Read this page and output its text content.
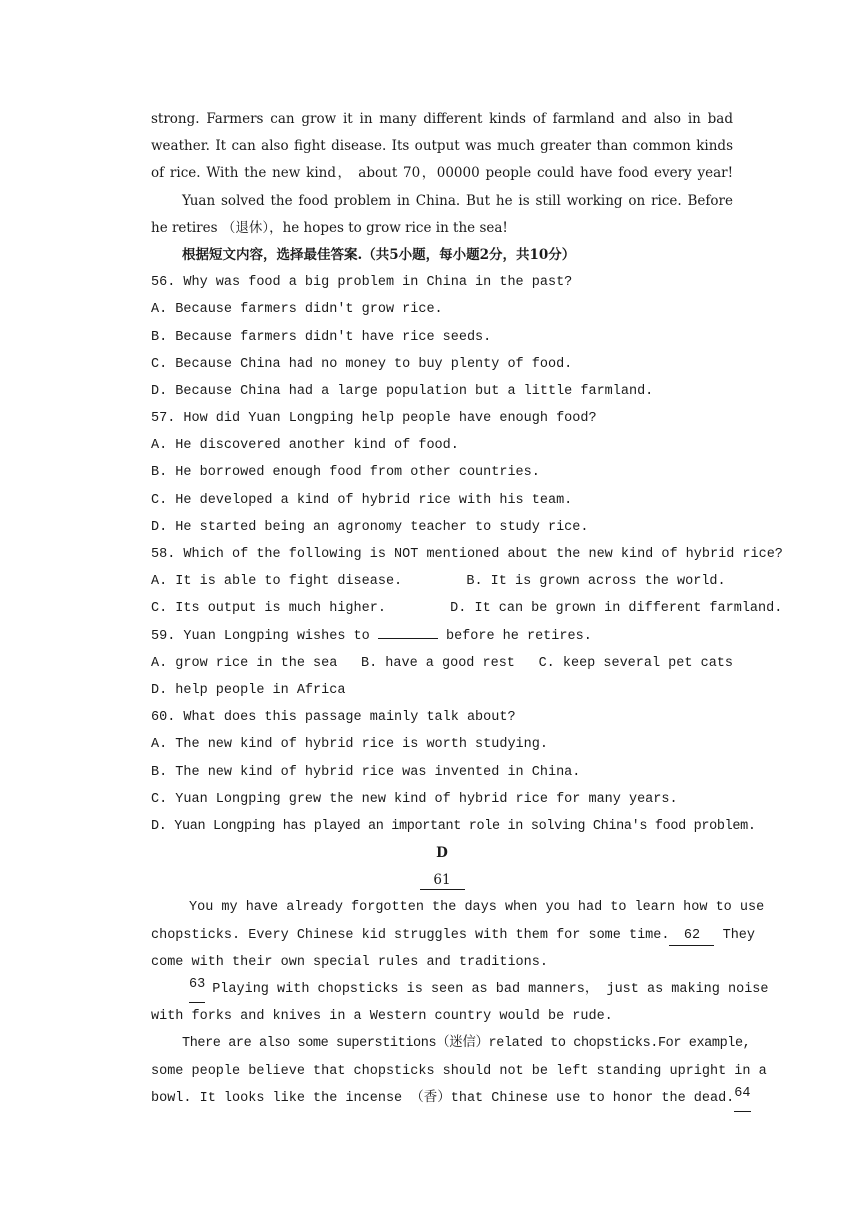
strong. Farmers can grow it in many different kinds of farmland and also in bad
weather. It can also fight disease. Its output was much greater than common kinds
of rice. With the new kind， about 70，00000 people could have food every year!
Yuan solved the food problem in China. But he is still working on rice. Before
he retires （退休），he hopes to grow rice in the sea!
根据短文内容，选择最佳答案.（共5小题，每小题2分，共10分）
56. Why was food a big problem in China in the past?
A. Because farmers didn't grow rice.
B. Because farmers didn't have rice seeds.
C. Because China had no money to buy plenty of food.
D. Because China had a large population but a little farmland.
57. How did Yuan Longping help people have enough food?
A. He discovered another kind of food.
B. He borrowed enough food from other countries.
C. He developed a kind of hybrid rice with his team.
D. He started being an agronomy teacher to study rice.
58. Which of the following is NOT mentioned about the new kind of hybrid rice?
A. It is able to fight disease.	B. It is grown across the world.
C. Its output is much higher.	D. It can be grown in different farmland.
59. Yuan Longping wishes to	before he retires.
A. grow rice in the sea B. have a good rest C. keep several pet cats
D. help people in Africa
60. What does this passage mainly talk about?
A. The new kind of hybrid rice is worth studying.
B. The new kind of hybrid rice was invented in China.
C. Yuan Longping grew the new kind of hybrid rice for many years.
D. Yuan Longping has played an important role in solving China's food problem.
D
61
You my have already forgotten the days when you had to learn how to use
chopsticks. Every Chinese kid struggles with them for some time.	62 They
come with their own special rules and traditions.
63 Playing with chopsticks is seen as bad manners， just as making noise
with forks and knives in a Western country would be rude.
There are also some superstitions（迷信）related to chopsticks.For example,
some people believe that chopsticks should not be left standing upright in a
bowl. It looks like the incense （香）that Chinese use to honor the dead. 64
